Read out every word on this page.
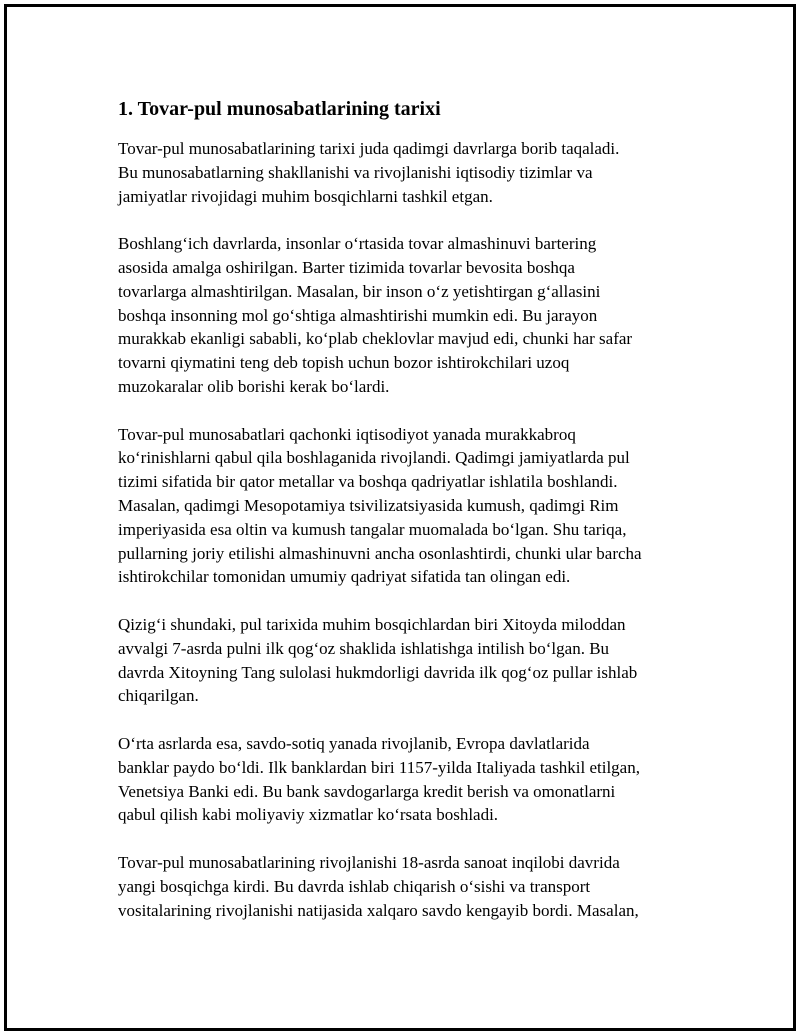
1. Tovar-pul munosabatlarining tarixi

Tovar-pul munosabatlarining tarixi juda qadimgi davrlarga borib taqaladi.
Bu munosabatlarning shakllanishi va rivojlanishi iqtisodiy tizimlar va
jamiyatlar rivojidagi muhim bosqichlarni tashkil etgan.

Boshlang‘ich davrlarda, insonlar o‘rtasida tovar almashinuvi bartering
asosida amalga oshirilgan. Barter tizimida tovarlar bevosita boshqa
tovarlarga almashtirilgan. Masalan, bir inson o‘z yetishtirgan g‘allasini
boshqa insonning mol go‘shtiga almashtirishi mumkin edi. Bu jarayon
murakkab ekanligi sababli, ko‘plab cheklovlar mavjud edi, chunki har safar
tovarni qiymatini teng deb topish uchun bozor ishtirokchilari uzoq
muzokaralar olib borishi kerak bo‘lardi.

Tovar-pul munosabatlari qachonki iqtisodiyot yanada murakkabroq
ko‘rinishlarni qabul qila boshlaganida rivojlandi. Qadimgi jamiyatlarda pul
tizimi sifatida bir qator metallar va boshqa qadriyatlar ishlatila boshlandi.
Masalan, qadimgi Mesopotamiya tsivilizatsiyasida kumush, qadimgi Rim
imperiyasida esa oltin va kumush tangalar muomalada bo‘lgan. Shu tariqa,
pullarning joriy etilishi almashinuvni ancha osonlashtirdi, chunki ular barcha
ishtirokchilar tomonidan umumiy qadriyat sifatida tan olingan edi.

Qizig‘i shundaki, pul tarixida muhim bosqichlardan biri Xitoyda miloddan
avvalgi 7-asrda pulni ilk qog‘oz shaklida ishlatishga intilish bo‘lgan. Bu
davrda Xitoyning Tang sulolasi hukmdorligi davrida ilk qog‘oz pullar ishlab
chiqarilgan.

O‘rta asrlarda esa, savdo-sotiq yanada rivojlanib, Evropa davlatlarida
banklar paydo bo‘ldi. Ilk banklardan biri 1157-yilda Italiyada tashkil etilgan,
Venetsiya Banki edi. Bu bank savdogarlarga kredit berish va omonatlarni
qabul qilish kabi moliyaviy xizmatlar ko‘rsata boshladi.

Tovar-pul munosabatlarining rivojlanishi 18-asrda sanoat inqilobi davrida
yangi bosqichga kirdi. Bu davrda ishlab chiqarish o‘sishi va transport
vositalarining rivojlanishi natijasida xalqaro savdo kengayib bordi. Masalan,
